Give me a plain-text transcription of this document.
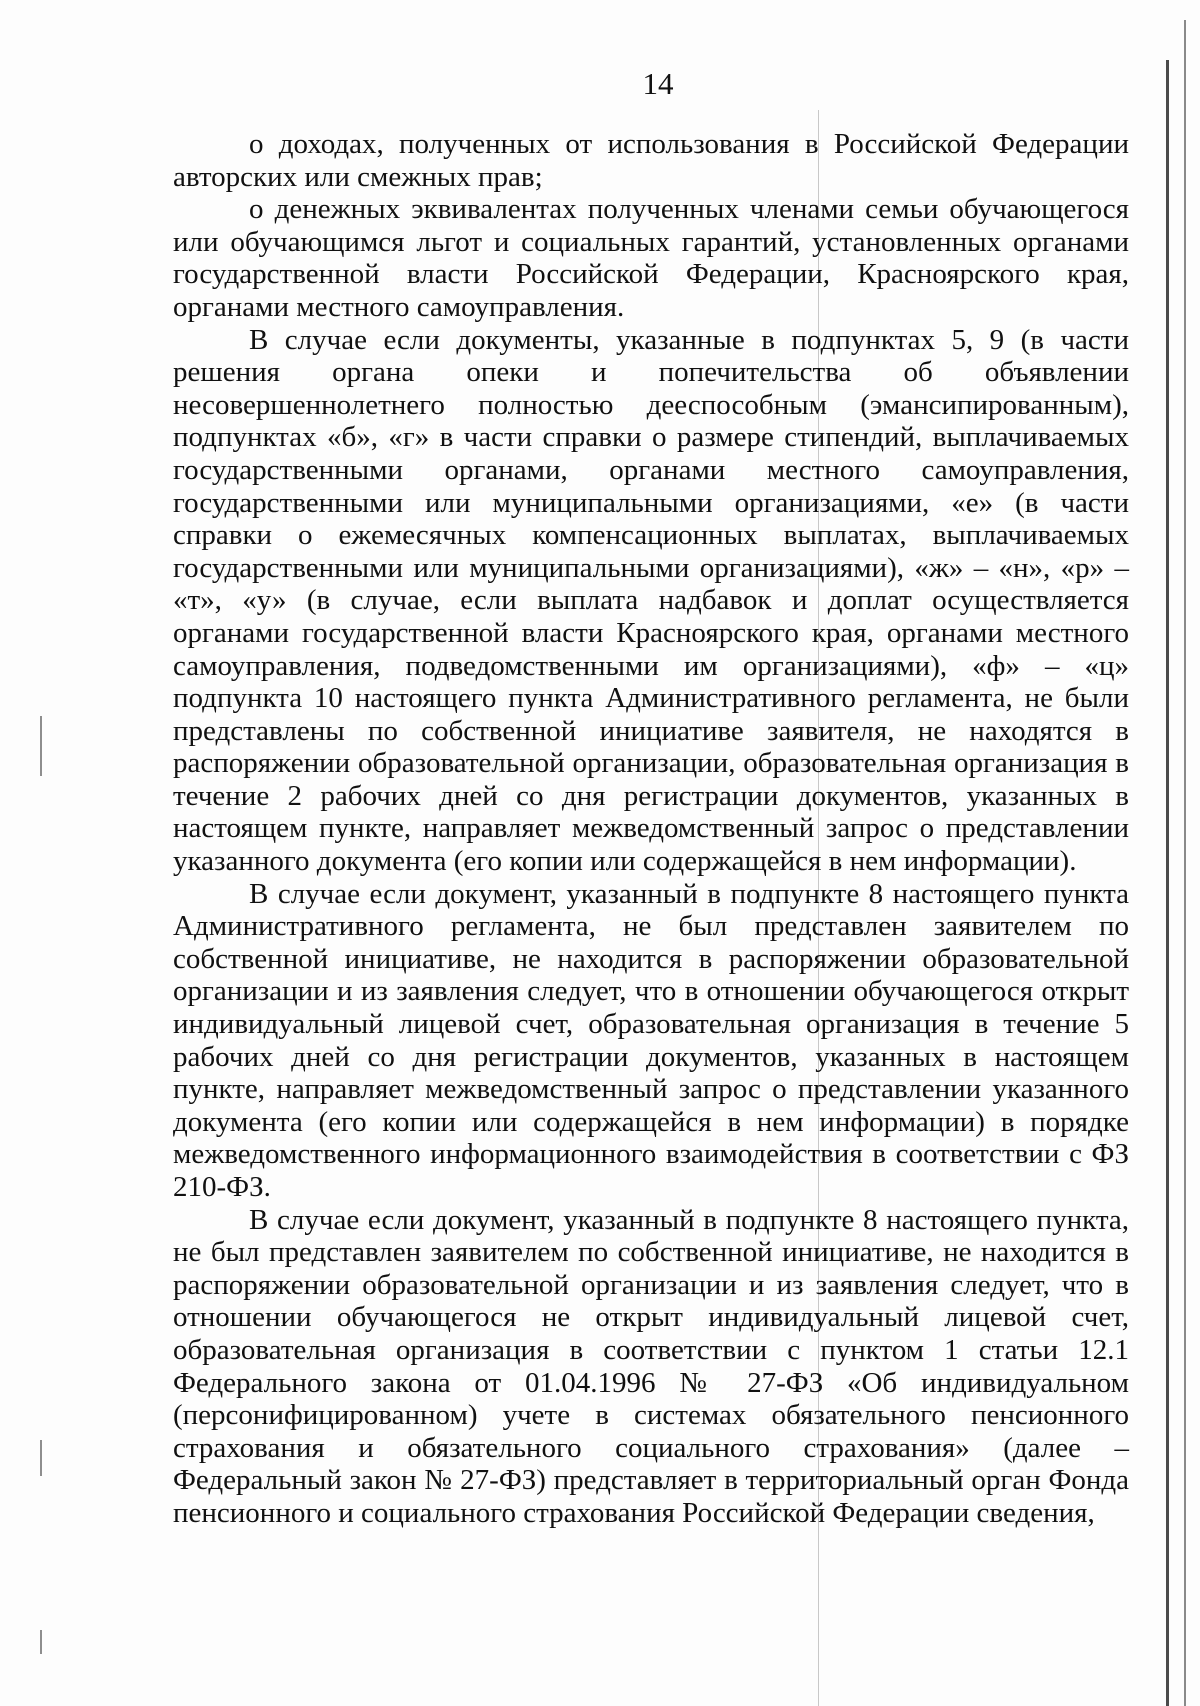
14

о доходах, полученных от использования в Российской Федерации авторских или смежных прав;

о денежных эквивалентах полученных членами семьи обучающегося или обучающимся льгот и социальных гарантий, установленных органами государственной власти Российской Федерации, Красноярского края, органами местного самоуправления.

В случае если документы, указанные в подпунктах 5, 9 (в части решения органа опеки и попечительства об объявлении несовершеннолетнего полностью дееспособным (эмансипированным), подпунктах «б», «г» в части справки о размере стипендий, выплачиваемых государственными органами, органами местного самоуправления, государственными или муниципальными организациями, «е» (в части справки о ежемесячных компенсационных выплатах, выплачиваемых государственными или муниципальными организациями), «ж» – «н», «р» – «т», «у» (в случае, если выплата надбавок и доплат осуществляется органами государственной власти Красноярского края, органами местного самоуправления, подведомственными им организациями), «ф» – «ц» подпункта 10 настоящего пункта Административного регламента, не были представлены по собственной инициативе заявителя, не находятся в распоряжении образовательной организации, образовательная организация в течение 2 рабочих дней со дня регистрации документов, указанных в настоящем пункте, направляет межведомственный запрос о представлении указанного документа (его копии или содержащейся в нем информации).

В случае если документ, указанный в подпункте 8 настоящего пункта Административного регламента, не был представлен заявителем по собственной инициативе, не находится в распоряжении образовательной организации и из заявления следует, что в отношении обучающегося открыт индивидуальный лицевой счет, образовательная организация в течение 5 рабочих дней со дня регистрации документов, указанных в настоящем пункте, направляет межведомственный запрос о представлении указанного документа (его копии или содержащейся в нем информации) в порядке межведомственного информационного взаимодействия в соответствии с ФЗ 210-ФЗ.

В случае если документ, указанный в подпункте 8 настоящего пункта, не был представлен заявителем по собственной инициативе, не находится в распоряжении образовательной организации и из заявления следует, что в отношении обучающегося не открыт индивидуальный лицевой счет, образовательная организация в соответствии с пунктом 1 статьи 12.1 Федерального закона от 01.04.1996 № 27-ФЗ «Об индивидуальном (персонифицированном) учете в системах обязательного пенсионного страхования и обязательного социального страхования» (далее – Федеральный закон № 27-ФЗ) представляет в территориальный орган Фонда пенсионного и социального страхования Российской Федерации сведения,
